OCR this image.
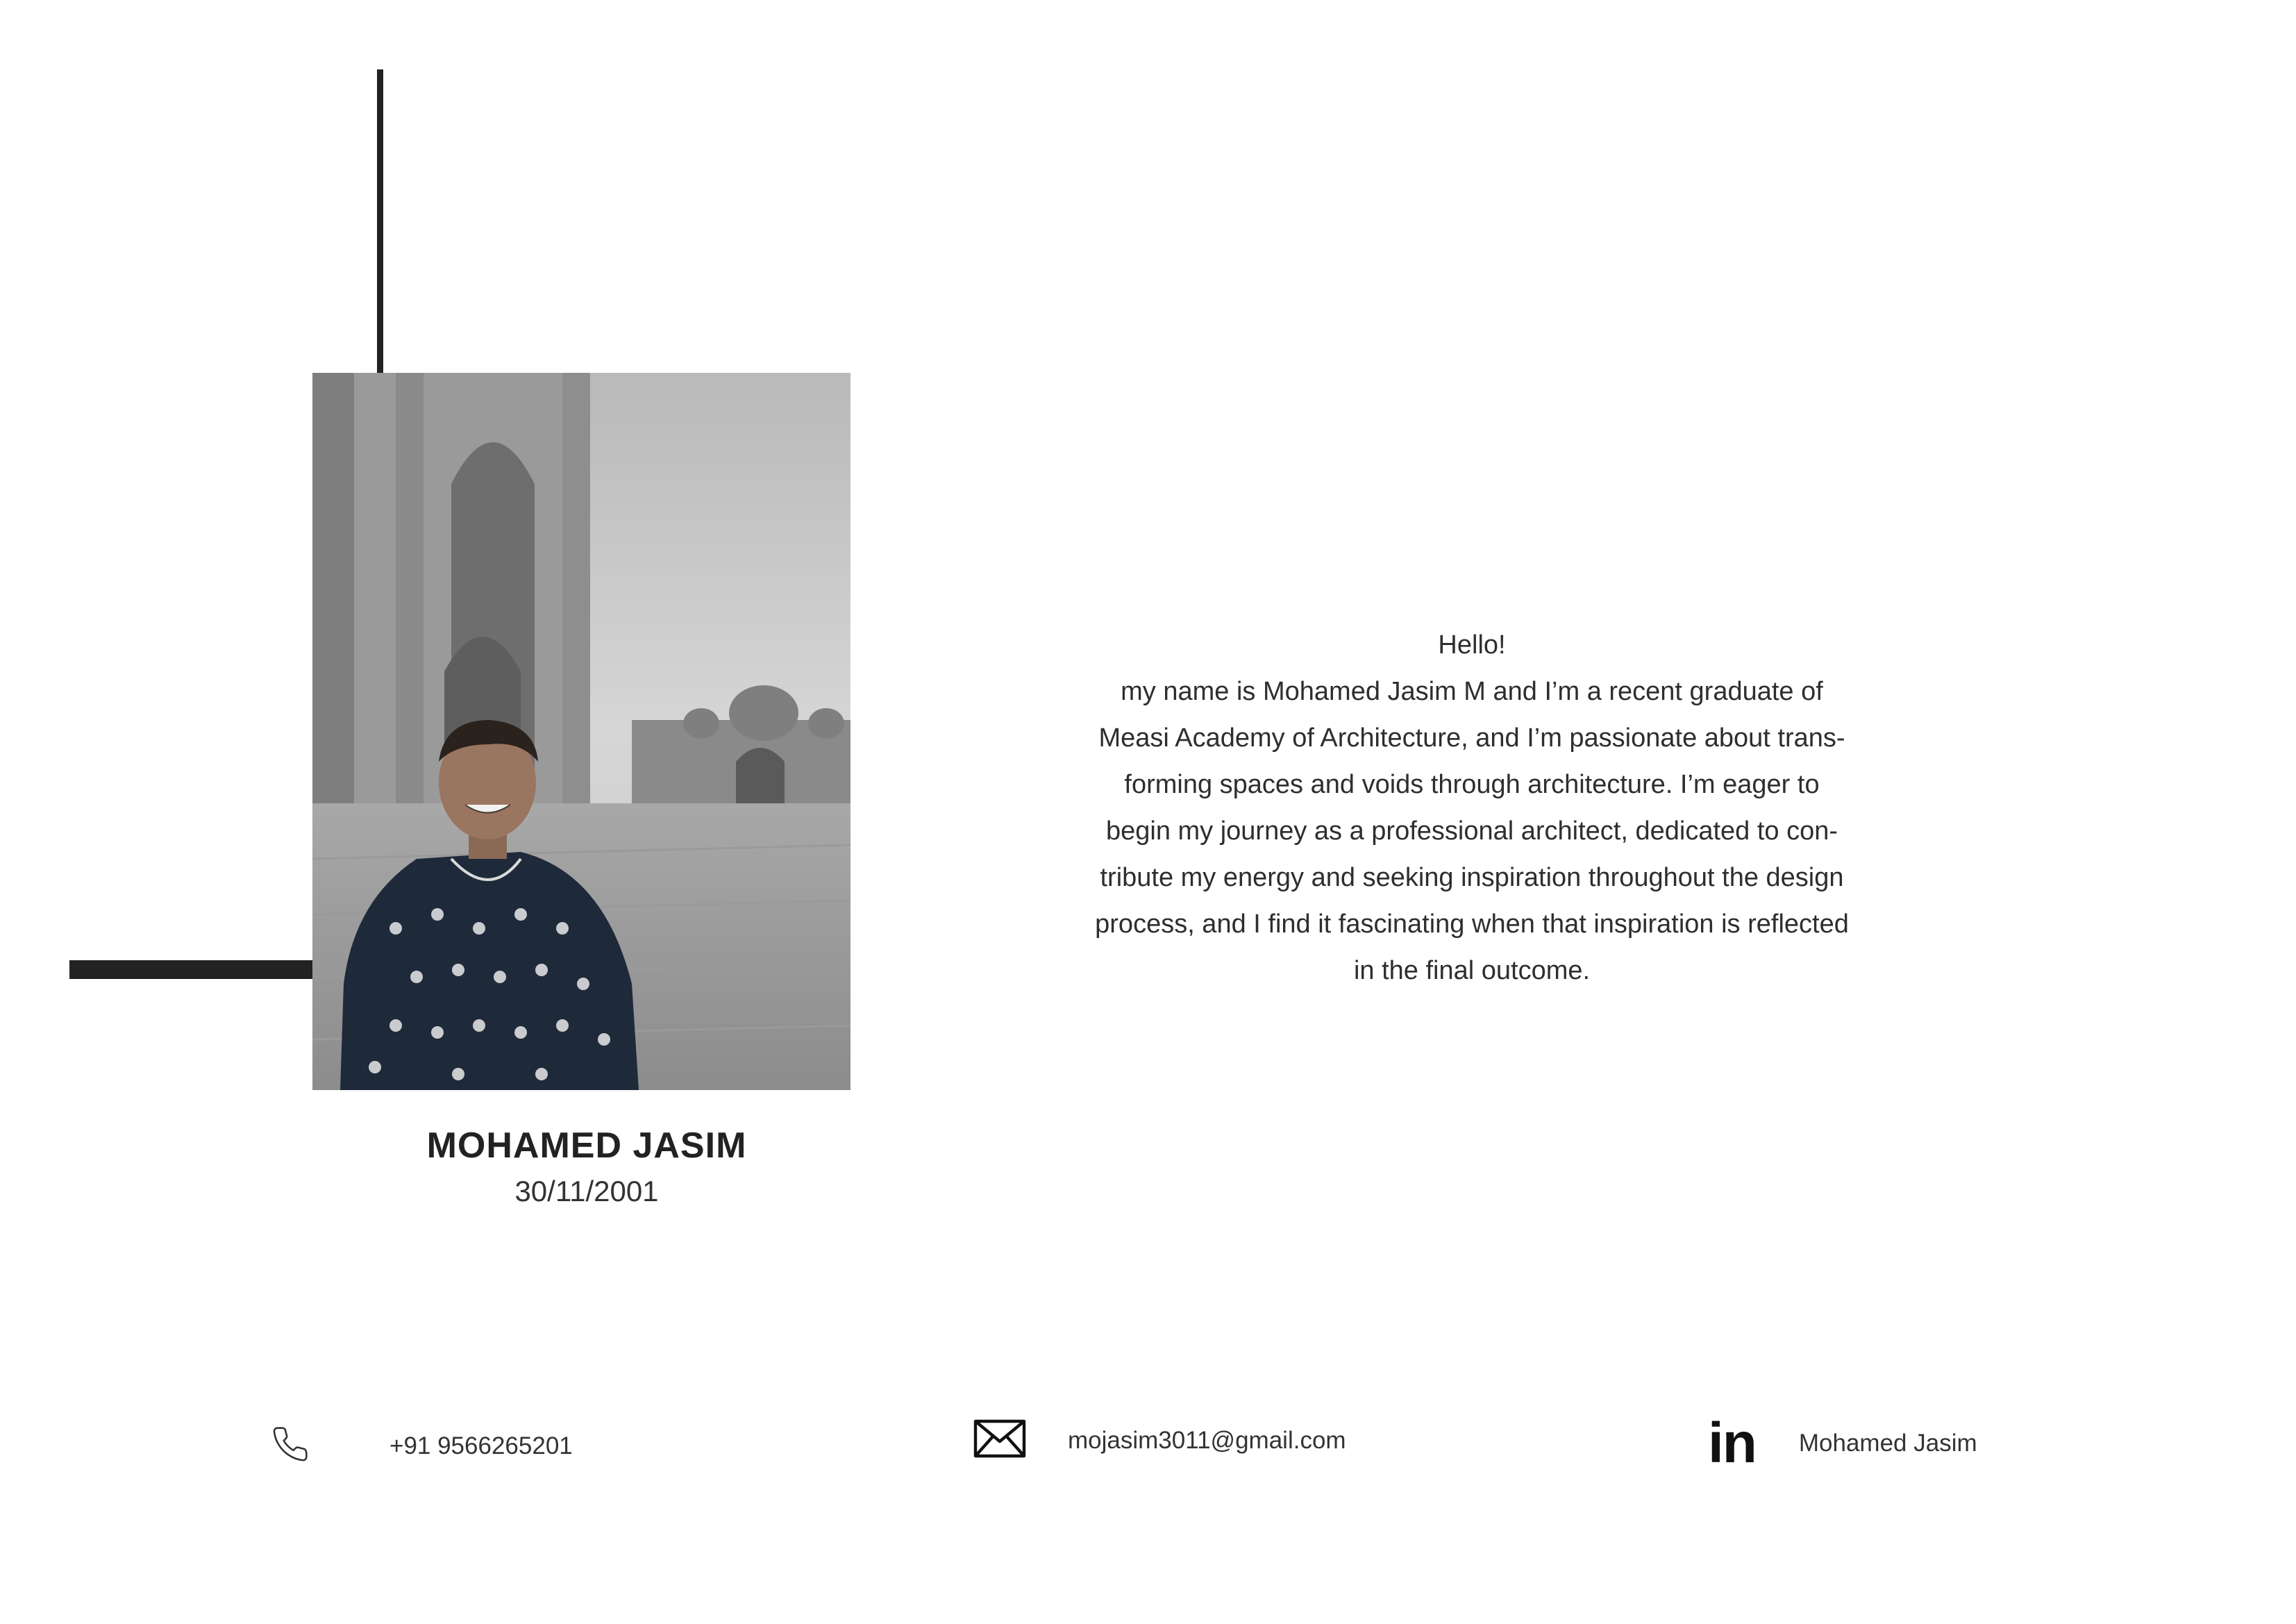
MOHAMED JASIM
30/11/2001
Hello!
my name is Mohamed Jasim M and I’m a recent graduate of
Measi Academy of Architecture, and I’m passionate about trans-
forming spaces and voids through architecture. I’m eager to
begin my journey as a professional architect, dedicated to con-
tribute my energy and seeking inspiration throughout the design
process, and I find it fascinating when that inspiration is reflected
in the final outcome.
+91 9566265201	mojasim3011@gmail.com	in Mohamed Jasim
